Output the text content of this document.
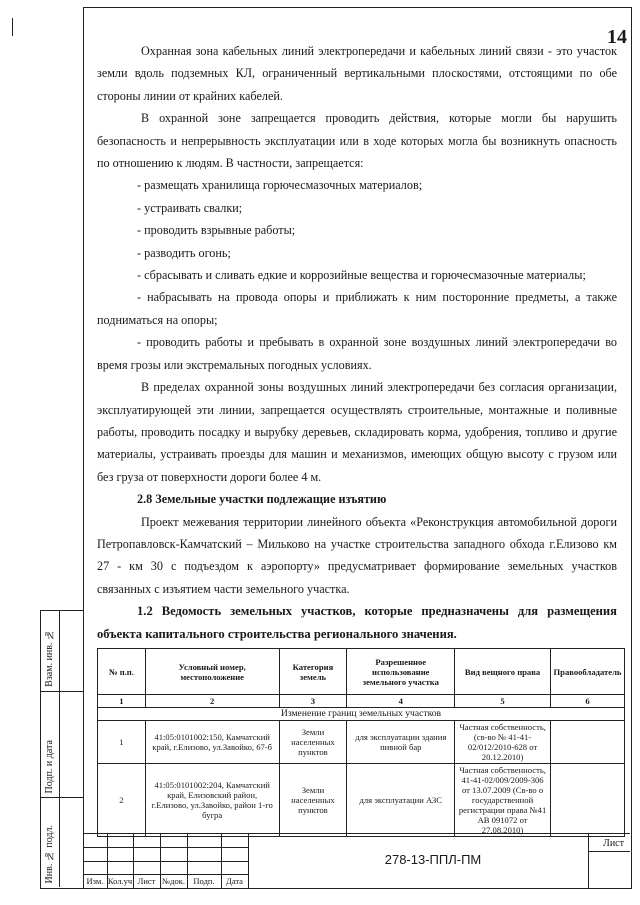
14

Охранная зона кабельных линий электропередачи и кабельных линий связи - это участок земли вдоль подземных КЛ, ограниченный вертикальными плоскостями, отстоящими по обе стороны линии от крайних кабелей.

В охранной зоне запрещается проводить действия, которые могли бы нарушить безопасность и непрерывность эксплуатации или в ходе которых могла бы возникнуть опасность по отношению к людям. В частности, запрещается:

- размещать хранилища горючесмазочных материалов;

- устраивать свалки;

- проводить взрывные работы;

- разводить огонь;

- сбрасывать и сливать едкие и коррозийные вещества и горючесмазочные материалы;

- набрасывать на провода опоры и приближать к ним посторонние предметы, а также подниматься на опоры;

- проводить работы и пребывать в охранной зоне воздушных линий электропередачи во время грозы или экстремальных погодных условиях.

В пределах охранной зоны воздушных линий электропередачи без согласия организации, эксплуатирующей эти линии, запрещается осуществлять строительные, монтажные и поливные работы, проводить посадку и вырубку деревьев, складировать корма, удобрения, топливо и другие материалы, устраивать проезды для машин и механизмов, имеющих общую высоту с грузом или без груза от поверхности дороги более 4 м.

2.8 Земельные участки подлежащие изъятию

Проект межевания территории линейного объекта «Реконструкция автомобильной дороги Петропавловск-Камчатский – Мильково на участке строительства западного обхода г.Елизово км 27 - км 30 с подъездом к аэропорту» предусматривает формирование земельных участков связанных с изъятием части земельного участка.

1.2 Ведомость земельных участков, которые предназначены для размещения объекта капитального строительства регионального значения.

№ п.п.	Условный номер, местоположение	Категория земель	Разрешенное использование земельного участка	Вид вещного права	Правообладатель
1	2	3	4	5	6
Изменение границ земельных участков					
1	41:05:0101002:150, Камчатский край, г.Елизово, ул.Завойко, 67-б	Земли населенных пунктов	для эксплуатации здания пивной бар	Частная собственность, (св-во № 41-41-02/012/2010-628 от 20.12.2010)	
2	41:05:0101002:204, Камчатский край, Елизовский район, г.Елизово, ул.Завойко, район 1-го бугра	Земли населенных пунктов	для эксплуатации АЗС	Частная собственность, 41-41-02/009/2009-306 от 13.07.2009 (Св-во о государственной регистрации права №41 АВ 091072 от 27.08.2010)	
Взам. инв. №
Подп. и дата
Инв. № подл.	Изм. Кол.уч Лист №док. Подп.	Дата
278-13-ППЛ-ПМ
Лист
